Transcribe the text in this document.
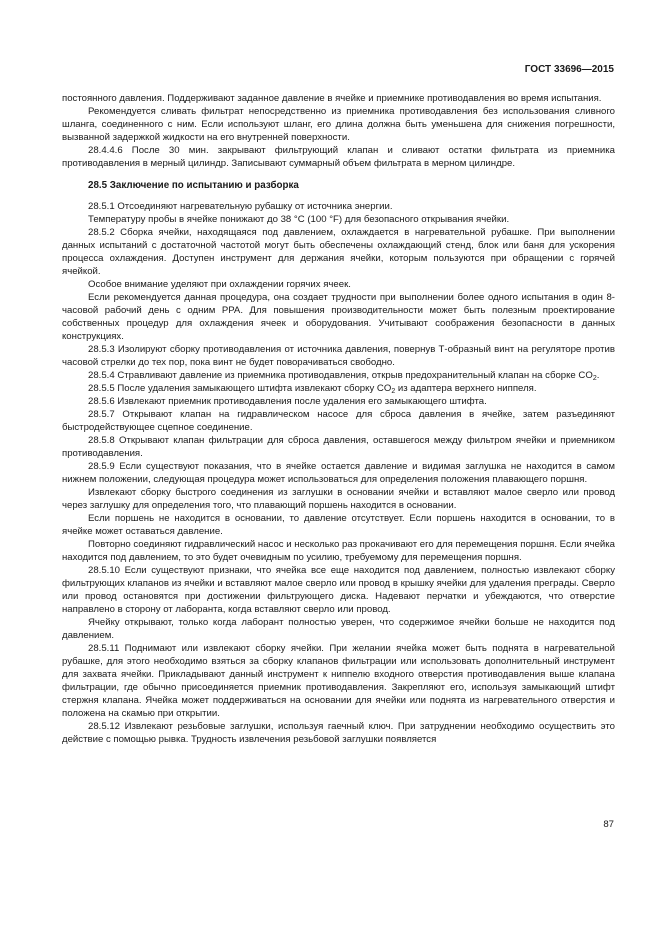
ГОСТ 33696—2015

постоянного давления. Поддерживают заданное давление в ячейке и приемнике противодавления во время испытания.

Рекомендуется сливать фильтрат непосредственно из приемника противодавления без использования сливного шланга, соединенного с ним. Если используют шланг, его длина должна быть уменьшена для снижения погрешности, вызванной задержкой жидкости на его внутренней поверхности.

28.4.4.6 После 30 мин. закрывают фильтрующий клапан и сливают остатки фильтрата из приемника противодавления в мерный цилиндр. Записывают суммарный объем фильтрата в мерном цилиндре.

28.5 Заключение по испытанию и разборка

28.5.1 Отсоединяют нагревательную рубашку от источника энергии.

Температуру пробы в ячейке понижают до 38 °C (100 °F) для безопасного открывания ячейки.

28.5.2 Сборка ячейки, находящаяся под давлением, охлаждается в нагревательной рубашке. При выполнении данных испытаний с достаточной частотой могут быть обеспечены охлаждающий стенд, блок или баня для ускорения процесса охлаждения. Доступен инструмент для держания ячейки, которым пользуются при обращении с горячей ячейкой.

Особое внимание уделяют при охлаждении горячих ячеек.

Если рекомендуется данная процедура, она создает трудности при выполнении более одного испытания в один 8-часовой рабочий день с одним PPA. Для повышения производительности может быть полезным проектирование собственных процедур для охлаждения ячеек и оборудования. Учитывают соображения безопасности в данных конструкциях.

28.5.3 Изолируют сборку противодавления от источника давления, повернув Т-образный винт на регуляторе против часовой стрелки до тех пор, пока винт не будет поворачиваться свободно.

28.5.4 Стравливают давление из приемника противодавления, открыв предохранительный клапан на сборке $CO_2$.

28.5.5 После удаления замыкающего штифта извлекают сборку $CO_2$ из адаптера верхнего ниппеля.

28.5.6 Извлекают приемник противодавления после удаления его замыкающего штифта.

28.5.7 Открывают клапан на гидравлическом насосе для сброса давления в ячейке, затем разъединяют быстродействующее сцепное соединение.

28.5.8 Открывают клапан фильтрации для сброса давления, оставшегося между фильтром ячейки и приемником противодавления.

28.5.9 Если существуют показания, что в ячейке остается давление и видимая заглушка не находится в самом нижнем положении, следующая процедура может использоваться для определения положения плавающего поршня.

Извлекают сборку быстрого соединения из заглушки в основании ячейки и вставляют малое сверло или провод через заглушку для определения того, что плавающий поршень находится в основании.

Если поршень не находится в основании, то давление отсутствует. Если поршень находится в основании, то в ячейке может оставаться давление.

Повторно соединяют гидравлический насос и несколько раз прокачивают его для перемещения поршня. Если ячейка находится под давлением, то это будет очевидным по усилию, требуемому для перемещения поршня.

28.5.10 Если существуют признаки, что ячейка все еще находится под давлением, полностью извлекают сборку фильтрующих клапанов из ячейки и вставляют малое сверло или провод в крышку ячейки для удаления преграды. Сверло или провод остановятся при достижении фильтрующего диска. Надевают перчатки и убеждаются, что отверстие направлено в сторону от лаборанта, когда вставляют сверло или провод.

Ячейку открывают, только когда лаборант полностью уверен, что содержимое ячейки больше не находится под давлением.

28.5.11 Поднимают или извлекают сборку ячейки. При желании ячейка может быть поднята в нагревательной рубашке, для этого необходимо взяться за сборку клапанов фильтрации или использовать дополнительный инструмент для захвата ячейки. Прикладывают данный инструмент к ниппелю входного отверстия противодавления выше клапана фильтрации, где обычно присоединяется приемник противодавления. Закрепляют его, используя замыкающий штифт стержня клапана. Ячейка может поддерживаться на основании для ячейки или поднята из нагревательного отверстия и положена на скамью при открытии.

28.5.12 Извлекают резьбовые заглушки, используя гаечный ключ. При затруднении необходимо осуществить это действие с помощью рывка. Трудность извлечения резьбовой заглушки появляется

87
